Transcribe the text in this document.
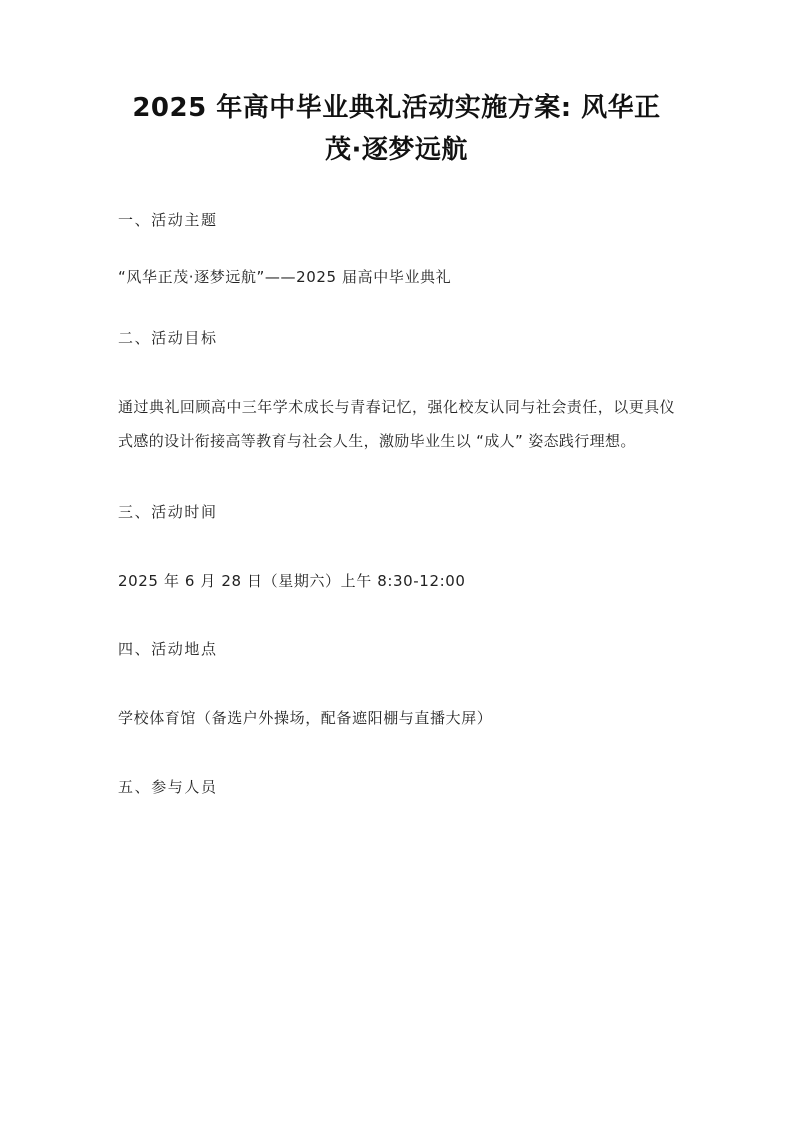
2025 年高中毕业典礼活动实施方案: 风华正茂·逐梦远航

一、活动主题

“风华正茂·逐梦远航”——2025 届高中毕业典礼

二、活动目标

通过典礼回顾高中三年学术成长与青春记忆，强化校友认同与社会责任，以更具仪式感的设计衔接高等教育与社会人生，激励毕业生以 “成人” 姿态践行理想。

三、活动时间

2025 年 6 月 28 日（星期六）上午 8:30-12:00

四、活动地点

学校体育馆（备选户外操场，配备遮阳棚与直播大屏）

五、参与人员
